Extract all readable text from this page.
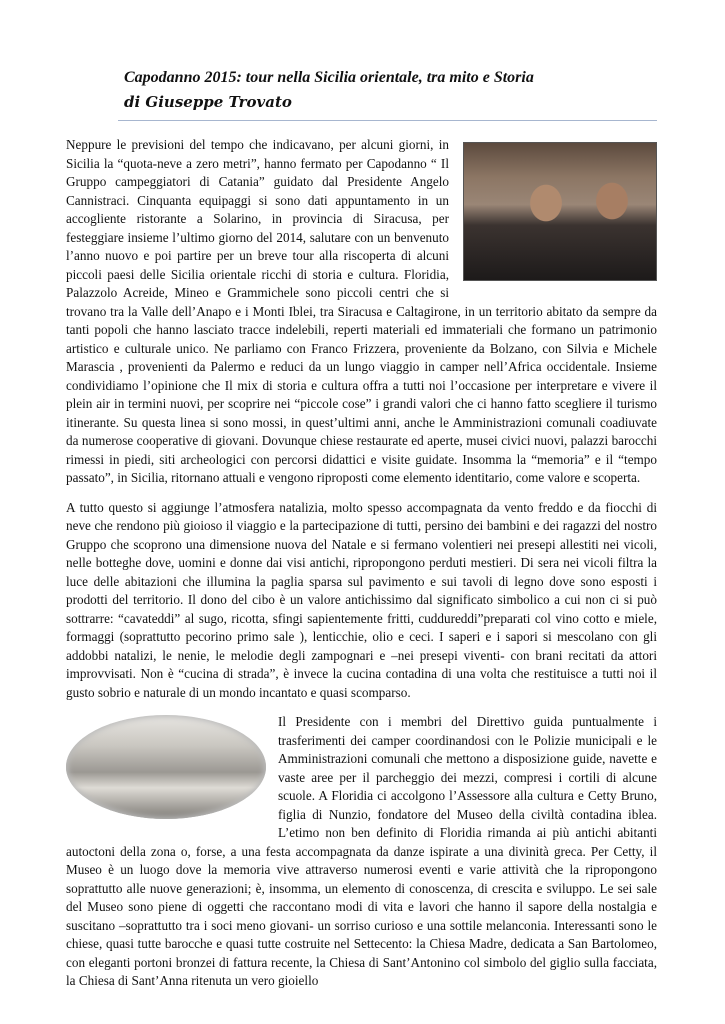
Capodanno 2015: tour nella Sicilia orientale, tra mito e Storia
di Giuseppe Trovato

Neppure le previsioni del tempo che indicavano, per alcuni giorni, in Sicilia la “quota-neve a zero metri”, hanno fermato per Capodanno “ Il Gruppo campeggiatori di Catania” guidato dal Presidente Angelo Cannistraci. Cinquanta equipaggi si sono dati appuntamento in un accogliente ristorante a Solarino, in provincia di Siracusa, per festeggiare insieme l’ultimo giorno del 2014, salutare con un benvenuto l’anno nuovo e poi partire per un breve tour alla riscoperta di alcuni piccoli paesi delle Sicilia orientale ricchi di storia e cultura. Floridia, Palazzolo Acreide, Mineo e Grammichele sono piccoli centri che si trovano tra la Valle dell’Anapo e i Monti Iblei, tra Siracusa e Caltagirone, in un territorio abitato da sempre da tanti popoli che hanno lasciato tracce indelebili, reperti materiali ed immateriali che formano un patrimonio artistico e culturale unico. Ne parliamo con Franco Frizzera, proveniente da Bolzano, con Silvia e Michele Marascia , provenienti da Palermo e reduci da un lungo viaggio in camper nell’Africa occidentale. Insieme condividiamo l’opinione che Il mix di storia e cultura offra a tutti noi l’occasione per interpretare e vivere il plein air in termini nuovi, per scoprire nei “piccole cose” i grandi valori che ci hanno fatto scegliere il turismo itinerante. Su questa linea si sono mossi, in quest’ultimi anni, anche le Amministrazioni comunali coadiuvate da numerose cooperative di giovani. Dovunque chiese restaurate ed aperte, musei civici nuovi, palazzi barocchi rimessi in piedi, siti archeologici con percorsi didattici e visite guidate. Insomma la “memoria” e il “tempo passato”, in Sicilia, ritornano attuali e vengono riproposti come elemento identitario, come valore e scoperta.

A tutto questo si aggiunge l’atmosfera natalizia, molto spesso accompagnata da vento freddo e da fiocchi di neve che rendono più gioioso il viaggio e la partecipazione di tutti, persino dei bambini e dei ragazzi del nostro Gruppo che scoprono una dimensione nuova del Natale e si fermano volentieri nei presepi allestiti nei vicoli, nelle botteghe dove, uomini e donne dai visi antichi, ripropongono perduti mestieri. Di sera nei vicoli filtra la luce delle abitazioni che illumina la paglia sparsa sul pavimento e sui tavoli di legno dove sono esposti i prodotti del territorio. Il dono del cibo è un valore antichissimo dal significato simbolico a cui non ci si può sottrarre: “cavateddi” al sugo, ricotta, sfingi sapientemente fritti, cuddureddi”preparati col vino cotto e miele, formaggi (soprattutto pecorino primo sale ), lenticchie, olio e ceci. I saperi e i sapori si mescolano con gli addobbi natalizi, le nenie, le melodie degli zampognari e –nei presepi viventi- con brani recitati da attori improvvisati. Non è “cucina di strada”, è invece la cucina contadina di una volta che restituisce a tutti noi il gusto sobrio e naturale di un mondo incantato e quasi scomparso.

Il Presidente con i membri del Direttivo guida puntualmente i trasferimenti dei camper coordinandosi con le Polizie municipali e le Amministrazioni comunali che mettono a disposizione guide, navette e vaste aree per il parcheggio dei mezzi, compresi i cortili di alcune scuole. A Floridia ci accolgono l’Assessore alla cultura e Cetty Bruno, figlia di Nunzio, fondatore del Museo della civiltà contadina iblea. L’etimo non ben definito di Floridia rimanda ai più antichi abitanti autoctoni della zona o, forse, a una festa accompagnata da danze ispirate a una divinità greca. Per Cetty, il Museo è un luogo dove la memoria vive attraverso numerosi eventi e varie attività che la ripropongono soprattutto alle nuove generazioni; è, insomma, un elemento di conoscenza, di crescita e sviluppo. Le sei sale del Museo sono piene di oggetti che raccontano modi di vita e lavori che hanno il sapore della nostalgia e suscitano –soprattutto tra i soci meno giovani- un sorriso curioso e una sottile melanconia. Interessanti sono le chiese, quasi tutte barocche e quasi tutte costruite nel Settecento: la Chiesa Madre, dedicata a San Bartolomeo, con eleganti portoni bronzei di fattura recente, la Chiesa di Sant’Antonino col simbolo del giglio sulla facciata, la Chiesa di Sant’Anna ritenuta un vero gioiello
